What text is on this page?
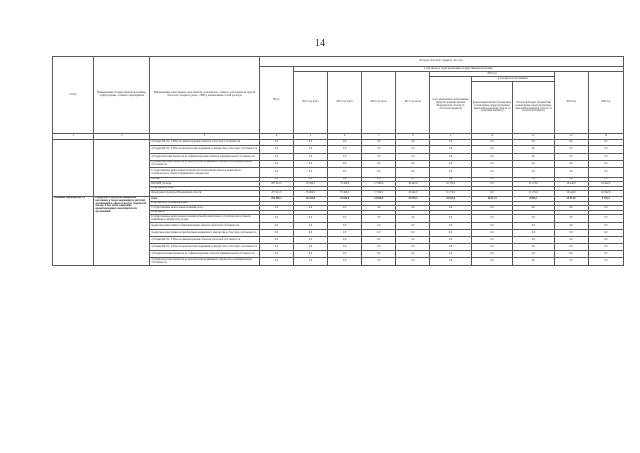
14
Статус	Наименование государственной программы, подпрограммы, основного мероприятия	Наименование ответственного исполнителя, исполнителя - главного распорядителя средств областного бюджета (далее - ГРБС), наименование статей расходов	Расходы областного бюджета, тыс. руб.									
			Всего	в том числе по годам реализации государственной программы								
				2014 год, всего	2015 год, всего	2016 год, всего	2017 год, всего	2018 год			2019 год	2020 год
								всего (бюджетные ассигнования, предусмотренные законом Воронежской области об областном бюджете)	в том числе по источникам			
									федеральный бюджет (бюджетные ассигнования, предусмотренные законом Воронежской области об областном бюджете)	областной бюджет (бюджетные ассигнования, предусмотренные законом Воронежской области об областном бюджете)		
1	2	3	4	5	6	7	8	9	10	11	12	13
		субсидии КБ ЛС, ГЭПов на финансирование объектов областной собственности	0,0	0,0	0,0	0,0	0,0	0,0	0,0	0,0	0,0	0,0
		субсидии КБ ЛС, ГЭПов на приобретение недвижимого имущества в областную собственность	0,0	0,0	0,0	0,0	0,0	0,0	0,0	0,0	0,0	0,0
		субсидии местным бюджетам на софинансирование объектов муниципальной собственности	0,0	0,0	0,0	0,0	0,0	0,0	0,0	0,0	0,0	0,0
		субсидии местным бюджетам на приобретение недвижимого имущества в муниципальную собственность	0,0	0,0	0,0	0,0	0,0	0,0	0,0	0,0	0,0	0,0
		Государственные капитальные вложения (за исключением объектов капитального строительства и объектов недвижимого имущества)	0,0	0,0	0,0	0,0	0,0	0,0	0,0	0,0	0,0	0,0
		НИОКР	0,0	0,0	0,0	0,0	0,0	0,0	0,0	0,0	0,0	0,0
		ПРОЧИЕ расходы	207 021,5	35 094,5	73 429,0	17 000,0	16 442,0	31 272,0	0,0	31 272,0	16 442,0	16 442,0
		в том числе по ГРБС:										
		Департамент культуры Воронежской области	207 021,5	35 094,5	73 429,0	17 000,0	16 442,0	31 272,0	0,0	31 272,0	16 442,0	16 442,0
Основное мероприятие 1.4	Поддержка творческих инициатив населения, а также выдающихся деятелей, организаций в сфере культуры, творческих союзов, в том числе социально ориентированных некоммерческих организаций	всего	164 996,7	40 225,0	24 846,8	14 620,0	19 079,3	24 913,6	16 017,9	8 895,7	24 913,6	9 792,4
		в том числе по статьям расходов:										
		Государственные капитальные вложения, всего	0,0	0,0	0,0	0,0	0,0	0,0	0,0	0,0	0,0	0,0
		в том числе:										
		Государственные капитальные вложения (объекты капитального строительства и объекты недвижимого имущества), из них:	0,0	0,0	0,0	0,0	0,0	0,0	0,0	0,0	0,0	0,0
		бюджетные инвестиции на финансирование объектов областной собственности	0,0	0,0	0,0	0,0	0,0	0,0	0,0	0,0	0,0	0,0
		бюджетные инвестиции на приобретение недвижимого имущества в областную собственность	0,0	0,0	0,0	0,0	0,0	0,0	0,0	0,0	0,0	0,0
		субсидии КБ ЛС, ГЭПов на финансирование объектов областной собственности	0,0	0,0	0,0	0,0	0,0	0,0	0,0	0,0	0,0	0,0
		субсидии КБ ЛС, ГЭПов на приобретение недвижимого имущества в областную собственность	0,0	0,0	0,0	0,0	0,0	0,0	0,0	0,0	0,0	0,0
		субсидии местным бюджетам на софинансирование объектов муниципальной собственности	0,0	0,0	0,0	0,0	0,0	0,0	0,0	0,0	0,0	0,0
		субсидии местным бюджетам на приобретение недвижимого имущества в муниципальную собственность	0,0	0,0	0,0	0,0	0,0	0,0	0,0	0,0	0,0	0,0
